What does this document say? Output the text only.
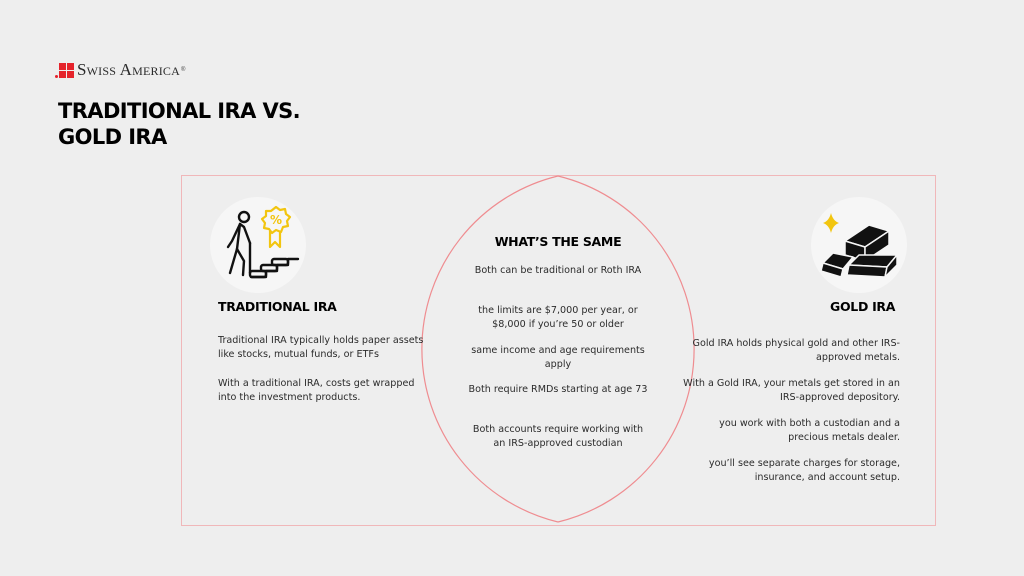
Swiss America ®
TRADITIONAL IRA VS.
GOLD IRA
%
TRADITIONAL IRA	GOLD IRA
WHAT’S THE SAME

Traditional IRA typically holds paper assets like stocks, mutual funds, or ETFs

With a traditional IRA, costs get wrapped into the investment products.

Both can be traditional or Roth IRA

the limits are $7,000 per year, or $8,000 if you’re 50 or older

same income and age requirements apply

Both require RMDs starting at age 73

Both accounts require working with an IRS-approved custodian

Gold IRA holds physical gold and other IRS-approved metals.

With a Gold IRA, your metals get stored in an IRS-approved depository.

you work with both a custodian and a precious metals dealer.

you’ll see separate charges for storage, insurance, and account setup.
